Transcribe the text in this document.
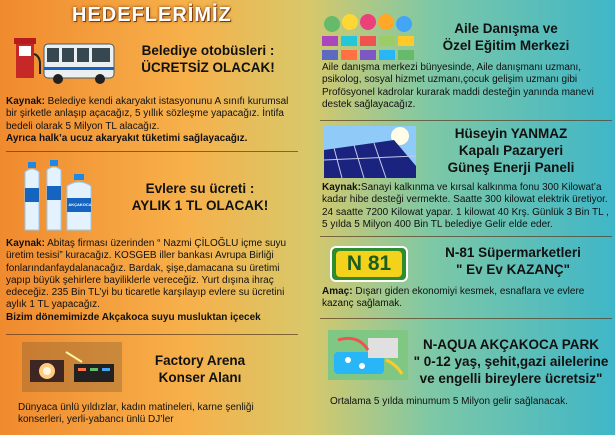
HEDEFLERİMİZ
Belediye otobüsleri :
ÜCRETSİZ OLACAK!
Kaynak: Belediye kendi akaryakıt istasyonunu A sınıfı kurumsal bir şirketle anlaşıp açacağız, 5 yıllık sözleşme yapacağız. İntifa bedeli olarak 5 Milyon TL alacağız.
Ayrıca halk’a ucuz akaryakıt tüketimi sağlayacağız.
AKÇAKOCA
Evlere su ücreti :
AYLIK 1 TL OLACAK!
Kaynak: Abitaş firması üzerinden “ Nazmi ÇİLOĞLU içme suyu üretim tesisi” kuracağız. KOSGEB iller bankası Avrupa Birliği fonlarındanfaydalanacağız. Bardak, şişe,damacana su üretimi yapıp büyük şehirlere bayiliklerle vereceğiz. Yurt dışına ihraç edeceğiz. 235 Bin TL’yi bu ticaretle karşılayıp evlere su ücretini aylık 1 TL yapacağız.
Bizim dönemimizde Akçakoca suyu musluktan içecek
Factory Arena
Konser Alanı
Dünyaca ünlü yıldızlar, kadın matineleri, karne şenliği konserleri, yerli-yabancı ünlü DJ’ler
Aile Danışma ve
Özel Eğitim Merkezi
Aile danışma merkezi bünyesinde, Aile danışmanı uzmanı, psikolog, sosyal hizmet uzmanı,çocuk gelişim uzmanı gibi Profösyonel kadrolar kurarak maddi desteğin yanında manevi destek sağlayacağız.
Hüseyin YANMAZ
Kapalı Pazaryeri
Güneş Enerji Paneli
Kaynak:Sanayi kalkınma ve kırsal kalkınma fonu 300 Kilowat’a kadar hibe desteği vermekte. Saatte 300 kilowat elektrik üretiyor. 24 saatte 7200 Kilowat yapar. 1 kilowat 40 Krş. Günlük 3 Bin TL , 5 yılda 5 Milyon 400 Bin TL belediye Gelir elde eder.
N 81	N-81 Süpermarketleri
" Ev Ev KAZANÇ"
Amaç: Dışarı giden ekonomiyi kesmek, esnaflara ve evlere kazanç sağlamak.
N-AQUA AKÇAKOCA PARK
" 0-12 yaş, şehit,gazi ailelerine
ve engelli bireylere ücretsiz"
Ortalama 5 yılda minumum 5 Milyon gelir sağlanacak.
